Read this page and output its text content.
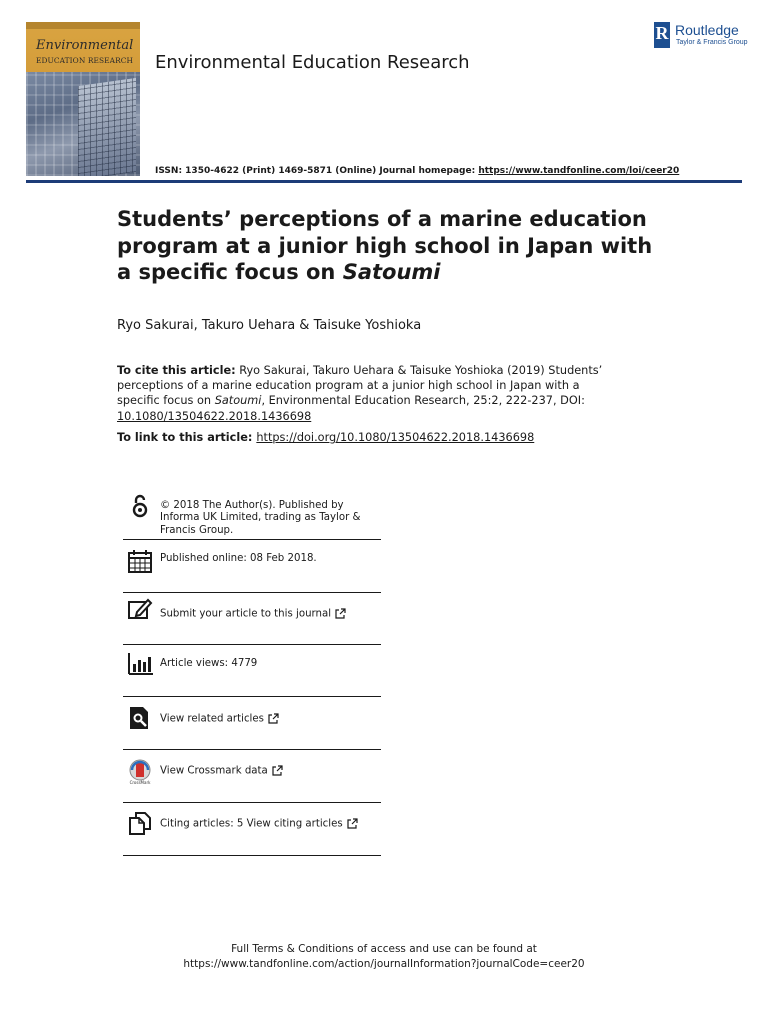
Environmental
EDUCATION RESEARCH	Environmental Education Research
R Routledge
Taylor & Francis Group
ISSN: 1350-4622 (Print) 1469-5871 (Online) Journal homepage: https://www.tandfonline.com/loi/ceer20
Students’ perceptions of a marine education program at a junior high school in Japan with a specific focus on Satoumi
Ryo Sakurai, Takuro Uehara & Taisuke Yoshioka
To cite this article: Ryo Sakurai, Takuro Uehara & Taisuke Yoshioka (2019) Students’ perceptions of a marine education program at a junior high school in Japan with a specific focus on Satoumi, Environmental Education Research, 25:2, 222-237, DOI: 10.1080/13504622.2018.1436698
To link to this article: https://doi.org/10.1080/13504622.2018.1436698
© 2018 The Author(s). Published by Informa UK Limited, trading as Taylor & Francis Group.
Published online: 08 Feb 2018.
Submit your article to this journal
Article views: 4779
View related articles
CrossMark
View Crossmark data
Citing articles: 5 View citing articles
Full Terms & Conditions of access and use can be found at
https://www.tandfonline.com/action/journalInformation?journalCode=ceer20
